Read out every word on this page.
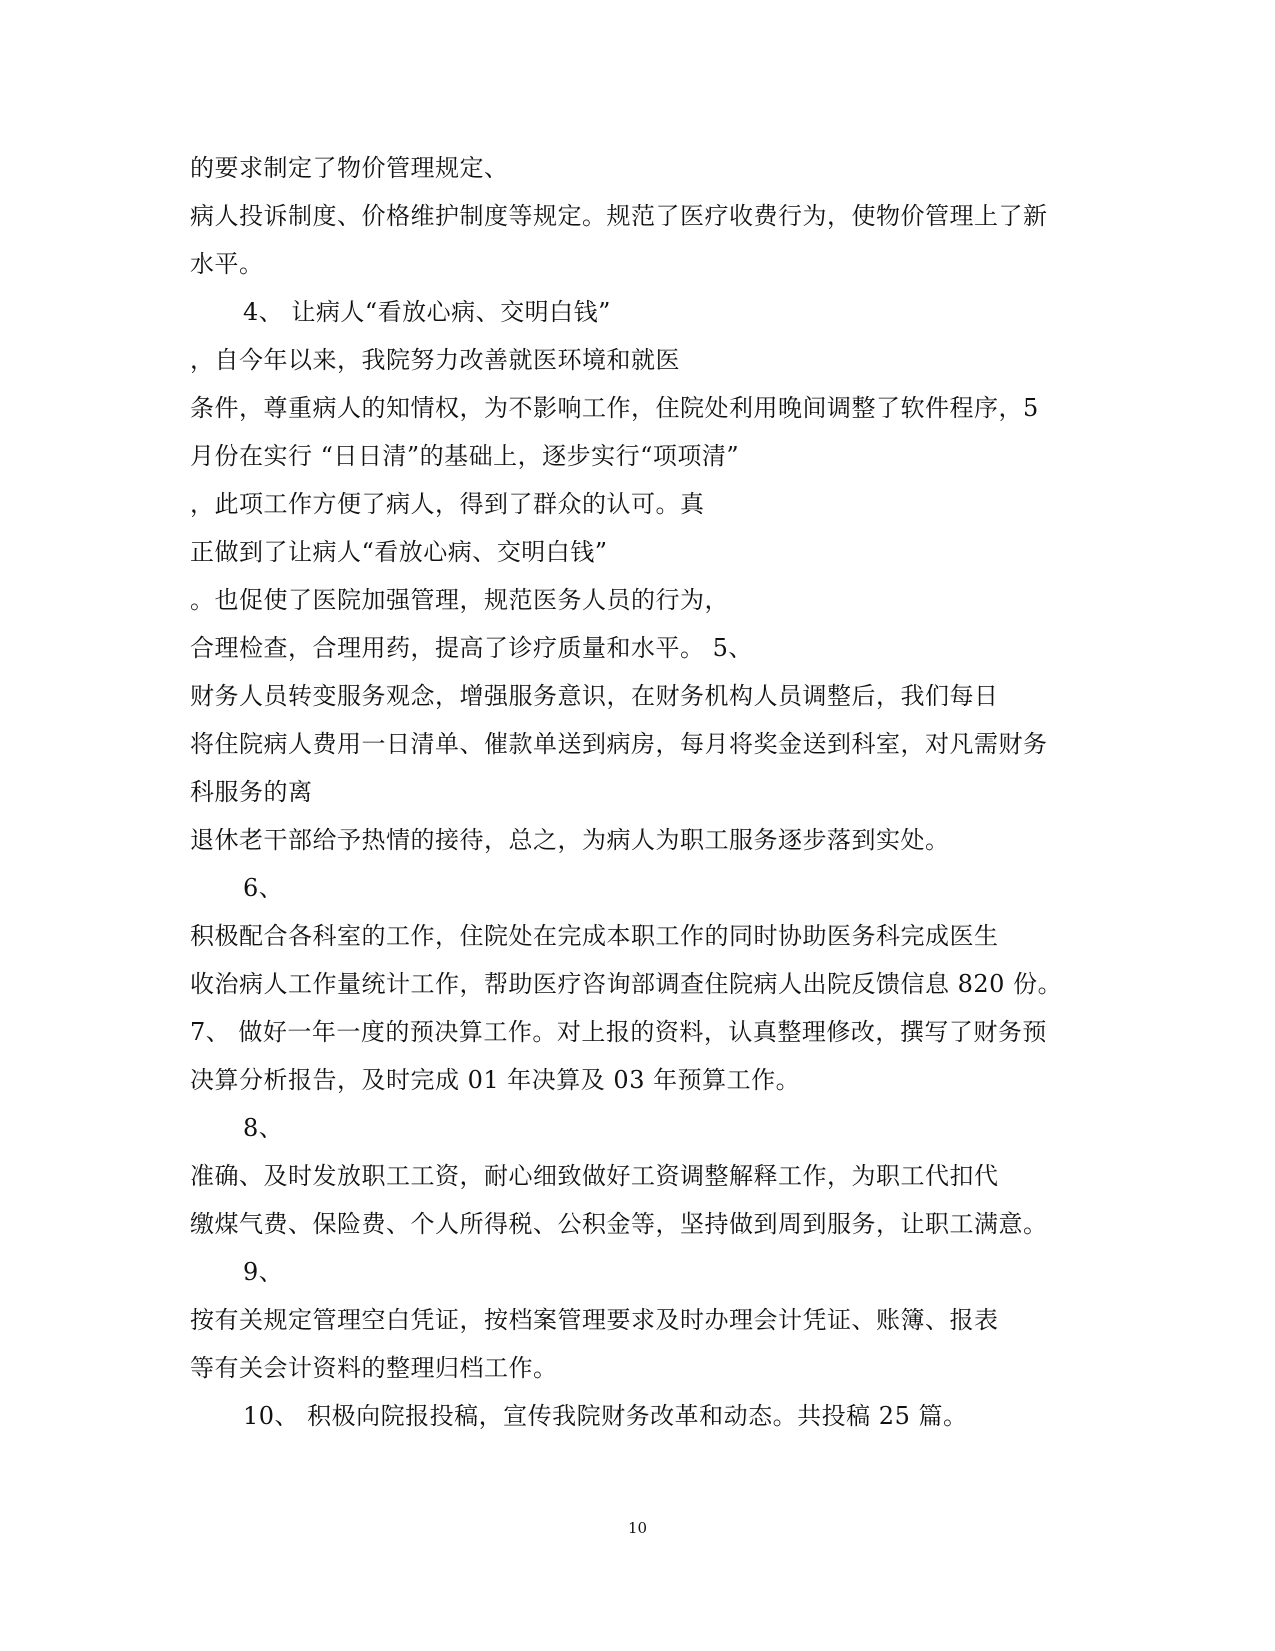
的要求制定了物价管理规定、
病人投诉制度、价格维护制度等规定。规范了医疗收费行为，使物价管理上了新
水平。
4、 让病人“看放心病、交明白钱”
，自今年以来，我院努力改善就医环境和就医
条件，尊重病人的知情权，为不影响工作，住院处利用晚间调整了软件程序，5
月份在实行 “日日清”的基础上，逐步实行“项项清”
，此项工作方便了病人，得到了群众的认可。真
正做到了让病人“看放心病、交明白钱”
。也促使了医院加强管理，规范医务人员的行为，
合理检查，合理用药，提高了诊疗质量和水平。 5、
财务人员转变服务观念，增强服务意识，在财务机构人员调整后，我们每日
将住院病人费用一日清单、催款单送到病房，每月将奖金送到科室，对凡需财务
科服务的离
退休老干部给予热情的接待，总之，为病人为职工服务逐步落到实处。
6、
积极配合各科室的工作，住院处在完成本职工作的同时协助医务科完成医生
收治病人工作量统计工作，帮助医疗咨询部调查住院病人出院反馈信息 820 份。
7、 做好一年一度的预决算工作。对上报的资料，认真整理修改，撰写了财务预
决算分析报告，及时完成 01 年决算及 03 年预算工作。
8、
准确、及时发放职工工资，耐心细致做好工资调整解释工作，为职工代扣代
缴煤气费、保险费、个人所得税、公积金等，坚持做到周到服务，让职工满意。
9、
按有关规定管理空白凭证，按档案管理要求及时办理会计凭证、账簿、报表
等有关会计资料的整理归档工作。
10、 积极向院报投稿，宣传我院财务改革和动态。共投稿 25 篇。
10
